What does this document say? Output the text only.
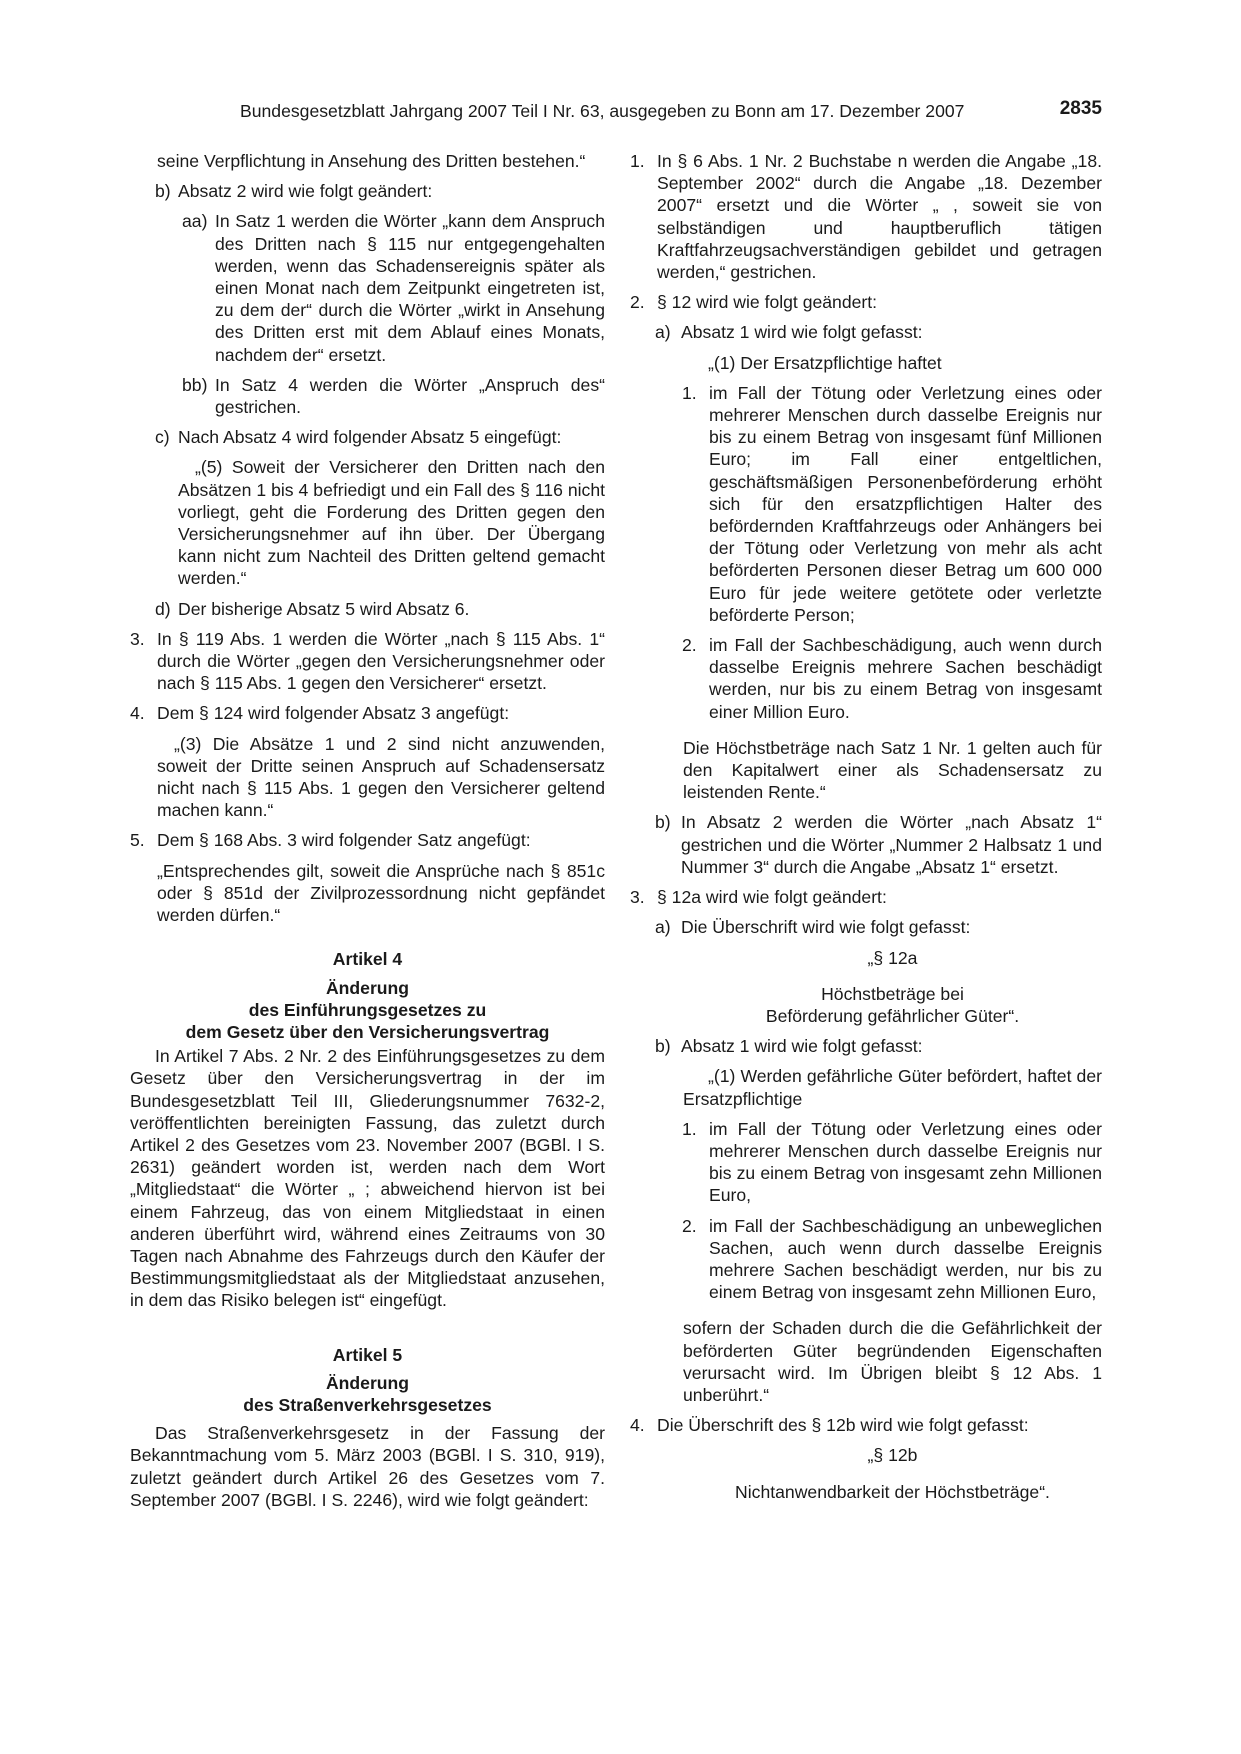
Bundesgesetzblatt Jahrgang 2007 Teil I Nr. 63, ausgegeben zu Bonn am 17. Dezember 2007	2835

seine Verpflichtung in Ansehung des Dritten bestehen.“

b) Absatz 2 wird wie folgt geändert:
aa) In Satz 1 werden die Wörter „kann dem Anspruch des Dritten nach § 115 nur entgegengehalten werden, wenn das Schadensereignis später als einen Monat nach dem Zeitpunkt eingetreten ist, zu dem der“ durch die Wörter „wirkt in Ansehung des Dritten erst mit dem Ablauf eines Monats, nachdem der“ ersetzt.
bb) In Satz 4 werden die Wörter „Anspruch des“ gestrichen.
c) Nach Absatz 4 wird folgender Absatz 5 eingefügt:

„(5) Soweit der Versicherer den Dritten nach den Absätzen 1 bis 4 befriedigt und ein Fall des § 116 nicht vorliegt, geht die Forderung des Dritten gegen den Versicherungsnehmer auf ihn über. Der Übergang kann nicht zum Nachteil des Dritten geltend gemacht werden.“

d) Der bisherige Absatz 5 wird Absatz 6.
3. In § 119 Abs. 1 werden die Wörter „nach § 115 Abs. 1“ durch die Wörter „gegen den Versicherungsnehmer oder nach § 115 Abs. 1 gegen den Versicherer“ ersetzt.
4. Dem § 124 wird folgender Absatz 3 angefügt:

„(3) Die Absätze 1 und 2 sind nicht anzuwenden, soweit der Dritte seinen Anspruch auf Schadensersatz nicht nach § 115 Abs. 1 gegen den Versicherer geltend machen kann.“

5. Dem § 168 Abs. 3 wird folgender Satz angefügt:

„Entsprechendes gilt, soweit die Ansprüche nach § 851c oder § 851d der Zivilprozessordnung nicht gepfändet werden dürfen.“

Artikel 4

Änderung

des Einführungsgesetzes zu

dem Gesetz über den Versicherungsvertrag

In Artikel 7 Abs. 2 Nr. 2 des Einführungsgesetzes zu dem Gesetz über den Versicherungsvertrag in der im Bundesgesetzblatt Teil III, Gliederungsnummer 7632-2, veröffentlichten bereinigten Fassung, das zuletzt durch Artikel 2 des Gesetzes vom 23. November 2007 (BGBl. I S. 2631) geändert worden ist, werden nach dem Wort „Mitgliedstaat“ die Wörter „ ; abweichend hiervon ist bei einem Fahrzeug, das von einem Mitgliedstaat in einen anderen überführt wird, während eines Zeitraums von 30 Tagen nach Abnahme des Fahrzeugs durch den Käufer der Bestimmungsmitgliedstaat als der Mitgliedstaat anzusehen, in dem das Risiko belegen ist“ eingefügt.

Artikel 5

Änderung

des Straßenverkehrsgesetzes

Das Straßenverkehrsgesetz in der Fassung der Bekanntmachung vom 5. März 2003 (BGBl. I S. 310, 919), zuletzt geändert durch Artikel 26 des Gesetzes vom 7. September 2007 (BGBl. I S. 2246), wird wie folgt geändert:

1. In § 6 Abs. 1 Nr. 2 Buchstabe n werden die Angabe „18. September 2002“ durch die Angabe „18. Dezember 2007“ ersetzt und die Wörter „ , soweit sie von selbständigen und hauptberuflich tätigen Kraftfahrzeugsachverständigen gebildet und getragen werden,“ gestrichen.
2. § 12 wird wie folgt geändert:
a) Absatz 1 wird wie folgt gefasst:

„(1) Der Ersatzpflichtige haftet

1. im Fall der Tötung oder Verletzung eines oder mehrerer Menschen durch dasselbe Ereignis nur bis zu einem Betrag von insgesamt fünf Millionen Euro; im Fall einer entgeltlichen, geschäftsmäßigen Personenbeförderung erhöht sich für den ersatzpflichtigen Halter des befördernden Kraftfahrzeugs oder Anhängers bei der Tötung oder Verletzung von mehr als acht beförderten Personen dieser Betrag um 600 000 Euro für jede weitere getötete oder verletzte beförderte Person;
2. im Fall der Sachbeschädigung, auch wenn durch dasselbe Ereignis mehrere Sachen beschädigt werden, nur bis zu einem Betrag von insgesamt einer Million Euro.

Die Höchstbeträge nach Satz 1 Nr. 1 gelten auch für den Kapitalwert einer als Schadensersatz zu leistenden Rente.“

b) In Absatz 2 werden die Wörter „nach Absatz 1“ gestrichen und die Wörter „Nummer 2 Halbsatz 1 und Nummer 3“ durch die Angabe „Absatz 1“ ersetzt.
3. § 12a wird wie folgt geändert:
a) Die Überschrift wird wie folgt gefasst:

„§ 12a

Höchstbeträge bei

Beförderung gefährlicher Güter“.

b) Absatz 1 wird wie folgt gefasst:

„(1) Werden gefährliche Güter befördert, haftet der Ersatzpflichtige

1. im Fall der Tötung oder Verletzung eines oder mehrerer Menschen durch dasselbe Ereignis nur bis zu einem Betrag von insgesamt zehn Millionen Euro,
2. im Fall der Sachbeschädigung an unbeweglichen Sachen, auch wenn durch dasselbe Ereignis mehrere Sachen beschädigt werden, nur bis zu einem Betrag von insgesamt zehn Millionen Euro,

sofern der Schaden durch die die Gefährlichkeit der beförderten Güter begründenden Eigenschaften verursacht wird. Im Übrigen bleibt § 12 Abs. 1 unberührt.“

4. Die Überschrift des § 12b wird wie folgt gefasst:

„§ 12b

Nichtanwendbarkeit der Höchstbeträge“.
